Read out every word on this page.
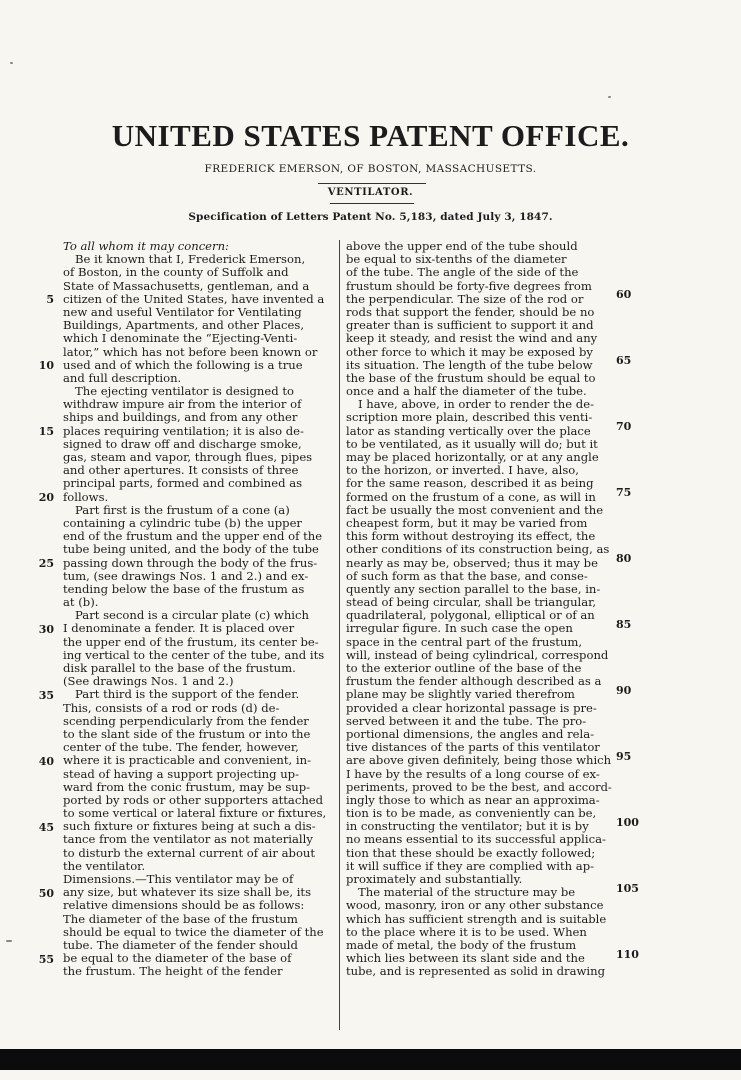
UNITED STATES PATENT OFFICE.
FREDERICK EMERSON, OF BOSTON, MASSACHUSETTS.
VENTILATOR.
Specification of Letters Patent No. 5,183, dated July 3, 1847.
To all whom it may concern:
Be it known that I, Frederick Emerson,
of Boston, in the county of Suffolk and
State of Massachusetts, gentleman, and a
citizen of the United States, have invented a
new and useful Ventilator for Ventilating
Buildings, Apartments, and other Places,
which I denominate the “Ejecting-Venti-
lator,” which has not before been known or
used and of which the following is a true
and full description.
The ejecting ventilator is designed to
withdraw impure air from the interior of
ships and buildings, and from any other
places requiring ventilation; it is also de-
signed to draw off and discharge smoke,
gas, steam and vapor, through flues, pipes
and other apertures. It consists of three
principal parts, formed and combined as
follows.
Part first is the frustum of a cone (a)
containing a cylindric tube (b) the upper
end of the frustum and the upper end of the
tube being united, and the body of the tube
passing down through the body of the frus-
tum, (see drawings Nos. 1 and 2.) and ex-
tending below the base of the frustum as
at (b).
Part second is a circular plate (c) which
I denominate a fender. It is placed over
the upper end of the frustum, its center be-
ing vertical to the center of the tube, and its
disk parallel to the base of the frustum.
(See drawings Nos. 1 and 2.)
Part third is the support of the fender.
This, consists of a rod or rods (d) de-
scending perpendicularly from the fender
to the slant side of the frustum or into the
center of the tube. The fender, however,
where it is practicable and convenient, in-
stead of having a support projecting up-
ward from the conic frustum, may be sup-
ported by rods or other supporters attached
to some vertical or lateral fixture or fixtures,
such fixture or fixtures being at such a dis-
tance from the ventilator as not materially
to disturb the external current of air about
the ventilator.
Dimensions.—This ventilator may be of
any size, but whatever its size shall be, its
relative dimensions should be as follows:
The diameter of the base of the frustum
should be equal to twice the diameter of the
tube. The diameter of the fender should
be equal to the diameter of the base of
the frustum. The height of the fender
above the upper end of the tube should
be equal to six-tenths of the diameter
of the tube. The angle of the side of the
frustum should be forty-five degrees from
the perpendicular. The size of the rod or
rods that support the fender, should be no
greater than is sufficient to support it and
keep it steady, and resist the wind and any
other force to which it may be exposed by
its situation. The length of the tube below
the base of the frustum should be equal to
once and a half the diameter of the tube.
I have, above, in order to render the de-
scription more plain, described this venti-
lator as standing vertically over the place
to be ventilated, as it usually will do; but it
may be placed horizontally, or at any angle
to the horizon, or inverted. I have, also,
for the same reason, described it as being
formed on the frustum of a cone, as will in
fact be usually the most convenient and the
cheapest form, but it may be varied from
this form without destroying its effect, the
other conditions of its construction being, as
nearly as may be, observed; thus it may be
of such form as that the base, and conse-
quently any section parallel to the base, in-
stead of being circular, shall be triangular,
quadrilateral, polygonal, elliptical or of an
irregular figure. In such case the open
space in the central part of the frustum,
will, instead of being cylindrical, correspond
to the exterior outline of the base of the
frustum the fender although described as a
plane may be slightly varied therefrom
provided a clear horizontal passage is pre-
served between it and the tube. The pro-
portional dimensions, the angles and rela-
tive distances of the parts of this ventilator
are above given definitely, being those which
I have by the results of a long course of ex-
periments, proved to be the best, and accord-
ingly those to which as near an approxima-
tion is to be made, as conveniently can be,
in constructing the ventilator; but it is by
no means essential to its successful applica-
tion that these should be exactly followed;
it will suffice if they are complied with ap-
proximately and substantially.
The material of the structure may be
wood, masonry, iron or any other substance
which has sufficient strength and is suitable
to the place where it is to be used. When
made of metal, the body of the frustum
which lies between its slant side and the
tube, and is represented as solid in drawing
5
10
15
20
25
30
35
40
45
50
55
60
65
70
75
80
85
90
95
100
105
110
